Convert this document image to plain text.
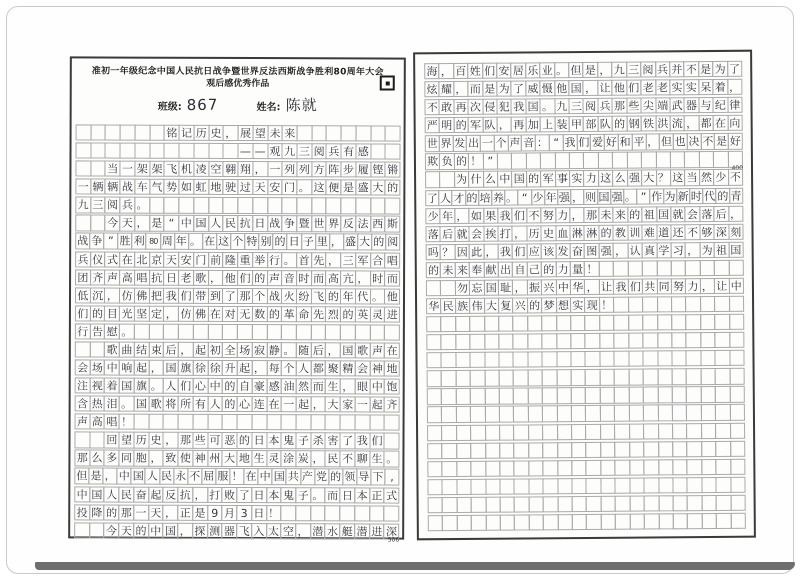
准初一年级纪念中国人民抗日战争暨世界反法西斯战争胜利80周年大会
观后感优秀作品
班级: 867	姓名: 陈就
铭 记 历 史 ， 展 望 未 来
— — 观 九 三 阅 兵 有 感
当 一 架 架 飞 机 凌 空 翱 翔 ， 一 列 列 方 阵 步 履 铿 锵
一 辆 辆 战 车 气 势 如 虹 地 驶 过 天 安 门 。 这 便 是 盛 大 的
九 三 阅 兵 。
今 天 ， 是 “ 中 国 人 民 抗 日 战 争 暨 世 界 反 法 西 斯
战 争 ” 胜 利 80 周 年 。 在 这 个 特 别 的 日 子 里 ， 盛 大 的 阅
兵 仪 式 在 北 京 天 安 门 前 隆 重 举 行 。 首 先 ， 三 军 合 唱
团 齐 声 高 唱 抗 日 老 歌 ， 他 们 的 声 音 时 而 高 亢 ， 时 而
低 沉 ， 仿 佛 把 我 们 带 到 了 那 个 战 火 纷 飞 的 年 代 。 他
们 的 目 光 坚 定 ， 仿 佛 在 对 无 数 的 革 命 先 烈 的 英 灵 进
行 告 慰 。
歌 曲 结 束 后 ， 起 初 全 场 寂 静 。 随 后 ， 国 歌 声 在
会 场 中 响 起 ， 国 旗 徐 徐 升 起 ， 每 个 人 都 聚 精 会 神 地
注 视 着 国 旗 。 人 们 心 中 的 自 豪 感 油 然 而 生 ， 眼 中 饱
含 热 泪 。 国 歌 将 所 有 人 的 心 连 在 一 起 ， 大 家 一 起 齐
声 高 唱 ！
回 望 历 史 ， 那 些 可 恶 的 日 本 鬼 子 杀 害 了 我 们
那 么 多 同 胞 ， 致 使 神 州 大 地 生 灵 涂 炭 ， 民 不 聊 生 。
但 是 ， 中 国 人 民 永 不 屈 服 ！ 在 中 国 共 产 党 的 领 导 下 ,
中 国 人 民 奋 起 反 抗 ， 打 败 了 日 本 鬼 子 。 而 日 本 正 式
投 降 的 那 一 天 ， 正 是 9 月 3 日 ！
今 天 的 中 国 ， 探 测 器 飞 入 太 空 ， 潜 水 艇 潜 进 深
506
海 ， 百 姓 们 安 居 乐 业 。 但 是 ， 九 三 阅 兵 并 不 是 为 了
炫 耀 ， 而 是 为 了 威 慑 他 国 ， 让 他 们 老 老 实 实 呆 着 ，
不 敢 再 次 侵 犯 我 国 。 九 三 阅 兵 那 些 尖 端 武 器 与 纪 律
严 明 的 军 队 ， 再 加 上 装 甲 部 队 的 钢 铁 洪 流 ， 都 在 向
世 界 发 出 一 个 声 音 ： “ 我 们 爱 好 和 平 ， 但 也 决 不 是 好
欺 负 的 ！ ”	400
为 什 么 中 国 的 军 事 实 力 这 么 强 大 ？ 这 当 然 少 不
了 人 才 的 培 养 。 “ 少 年 强 ， 则 国 强 。 ” 作 为 新 时 代 的 青
少 年 ， 如 果 我 们 不 努 力 ， 那 未 来 的 祖 国 就 会 落 后 ，
落 后 就 会 挨 打 ， 历 史 血 淋 淋 的 教 训 难 道 还 不 够 深 刻
吗 ？ 因 此 ， 我 们 应 该 发 奋 图 强 ， 认 真 学 习 ， 为 祖 国
的 未 来 奉 献 出 自 己 的 力 量 ！
勿 忘 国 耻 ， 振 兴 中 华 ， 让 我 们 共 同 努 力 ， 让 中
华 民 族 伟 大 复 兴 的 梦 想 实 现 ！
